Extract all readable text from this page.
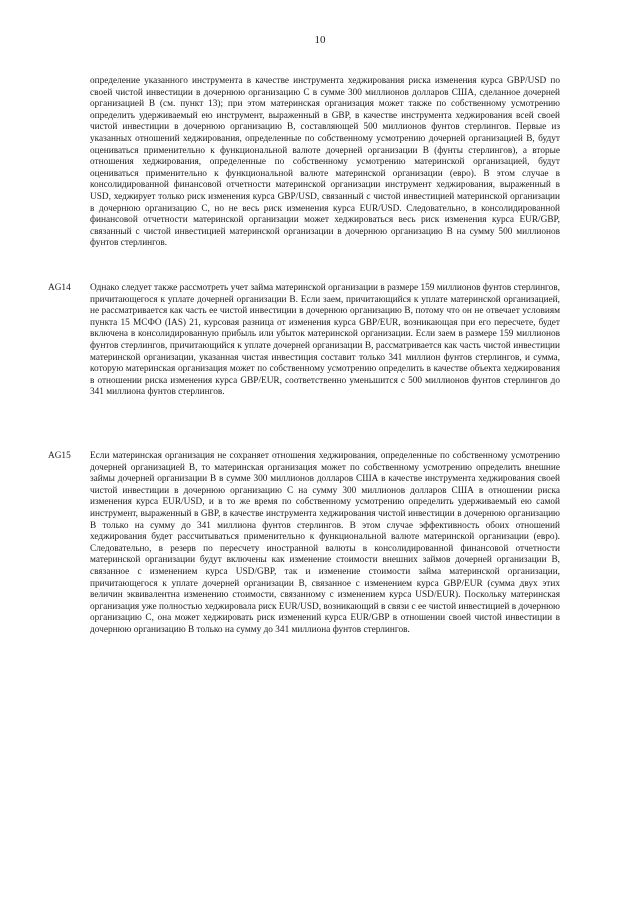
10

определение указанного инструмента в качестве инструмента хеджирования риска изменения курса GBP/USD по своей чистой инвестиции в дочернюю организацию C в сумме 300 миллионов долларов США, сделанное дочерней организацией B (см. пункт 13); при этом материнская организация может также по собственному усмотрению определить удерживаемый ею инструмент, выраженный в GBP, в качестве инструмента хеджирования всей своей чистой инвестиции в дочернюю организацию B, составляющей 500 миллионов фунтов стерлингов. Первые из указанных отношений хеджирования, определенные по собственному усмотрению дочерней организацией B, будут оцениваться применительно к функциональной валюте дочерней организации B (фунты стерлингов), а вторые отношения хеджирования, определенные по собственному усмотрению материнской организацией, будут оцениваться применительно к функциональной валюте материнской организации (евро). В этом случае в консолидированной финансовой отчетности материнской организации инструмент хеджирования, выраженный в USD, хеджирует только риск изменения курса GBP/USD, связанный с чистой инвестицией материнской организации в дочернюю организацию C, но не весь риск изменения курса EUR/USD. Следовательно, в консолидированной финансовой отчетности материнской организации может хеджироваться весь риск изменения курса EUR/GBP, связанный с чистой инвестицией материнской организации в дочернюю организацию B на сумму 500 миллионов фунтов стерлингов.

AG14	Однако следует также рассмотреть учет займа материнской организации в размере 159 миллионов фунтов стерлингов, причитающегося к уплате дочерней организации B. Если заем, причитающийся к уплате материнской организацией, не рассматривается как часть ее чистой инвестиции в дочернюю организацию B, потому что он не отвечает условиям пункта 15 МСФО (IAS) 21, курсовая разница от изменения курса GBP/EUR, возникающая при его пересчете, будет включена в консолидированную прибыль или убыток материнской организации. Если заем в размере 159 миллионов фунтов стерлингов, причитающийся к уплате дочерней организации B, рассматривается как часть чистой инвестиции материнской организации, указанная чистая инвестиция составит только 341 миллион фунтов стерлингов, и сумма, которую материнская организация может по собственному усмотрению определить в качестве объекта хеджирования в отношении риска изменения курса GBP/EUR, соответственно уменьшится с 500 миллионов фунтов стерлингов до 341 миллиона фунтов стерлингов.

AG15	Если материнская организация не сохраняет отношения хеджирования, определенные по собственному усмотрению дочерней организацией B, то материнская организация может по собственному усмотрению определить внешние займы дочерней организации B в сумме 300 миллионов долларов США в качестве инструмента хеджирования своей чистой инвестиции в дочернюю организацию C на сумму 300 миллионов долларов США в отношении риска изменения курса EUR/USD, и в то же время по собственному усмотрению определить удерживаемый ею самой инструмент, выраженный в GBP, в качестве инструмента хеджирования чистой инвестиции в дочернюю организацию B только на сумму до 341 миллиона фунтов стерлингов. В этом случае эффективность обоих отношений хеджирования будет рассчитываться применительно к функциональной валюте материнской организации (евро). Следовательно, в резерв по пересчету иностранной валюты в консолидированной финансовой отчетности материнской организации будут включены как изменение стоимости внешних займов дочерней организации B, связанное с изменением курса USD/GBP, так и изменение стоимости займа материнской организации, причитающегося к уплате дочерней организации B, связанное с изменением курса GBP/EUR (сумма двух этих величин эквивалентна изменению стоимости, связанному с изменением курса USD/EUR). Поскольку материнская организация уже полностью хеджировала риск EUR/USD, возникающий в связи с ее чистой инвестицией в дочернюю организацию C, она может хеджировать риск изменений курса EUR/GBP в отношении своей чистой инвестиции в дочернюю организацию B только на сумму до 341 миллиона фунтов стерлингов.
